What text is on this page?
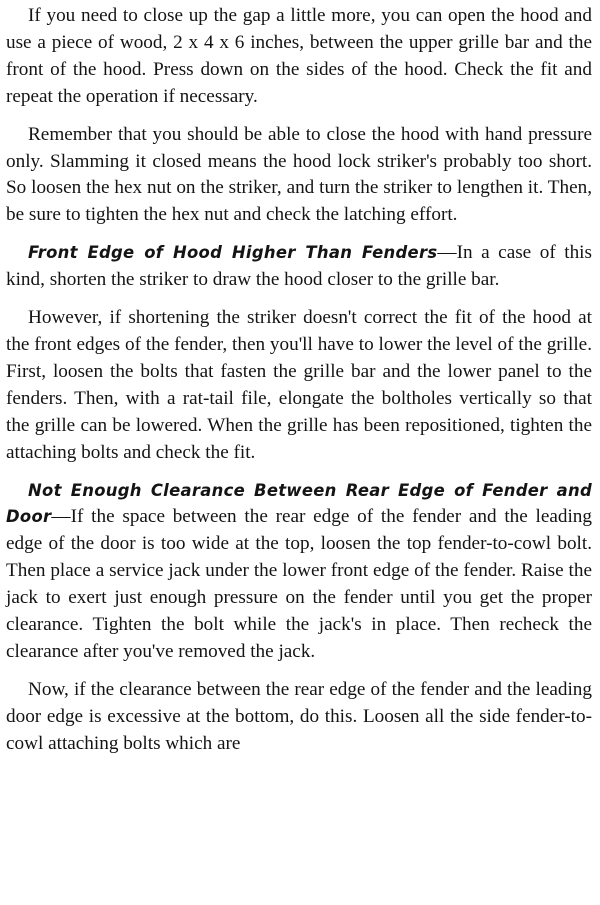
If you need to close up the gap a little more, you can open the hood and use a piece of wood, 2 x 4 x 6 inches, between the upper grille bar and the front of the hood. Press down on the sides of the hood. Check the fit and repeat the operation if necessary.

Remember that you should be able to close the hood with hand pressure only. Slamming it closed means the hood lock striker's probably too short. So loosen the hex nut on the striker, and turn the striker to lengthen it. Then, be sure to tighten the hex nut and check the latching effort.

Front Edge of Hood Higher Than Fenders—In a case of this kind, shorten the striker to draw the hood closer to the grille bar.

However, if shortening the striker doesn't correct the fit of the hood at the front edges of the fender, then you'll have to lower the level of the grille. First, loosen the bolts that fasten the grille bar and the lower panel to the fenders. Then, with a rat-tail file, elongate the boltholes vertically so that the grille can be lowered. When the grille has been repositioned, tighten the attaching bolts and check the fit.

Not Enough Clearance Between Rear Edge of Fender and Door—If the space between the rear edge of the fender and the leading edge of the door is too wide at the top, loosen the top fender-to-cowl bolt. Then place a service jack under the lower front edge of the fender. Raise the jack to exert just enough pressure on the fender until you get the proper clearance. Tighten the bolt while the jack's in place. Then recheck the clearance after you've removed the jack.

Now, if the clearance between the rear edge of the fender and the leading door edge is excessive at the bottom, do this. Loosen all the side fender-to-cowl attaching bolts which are
